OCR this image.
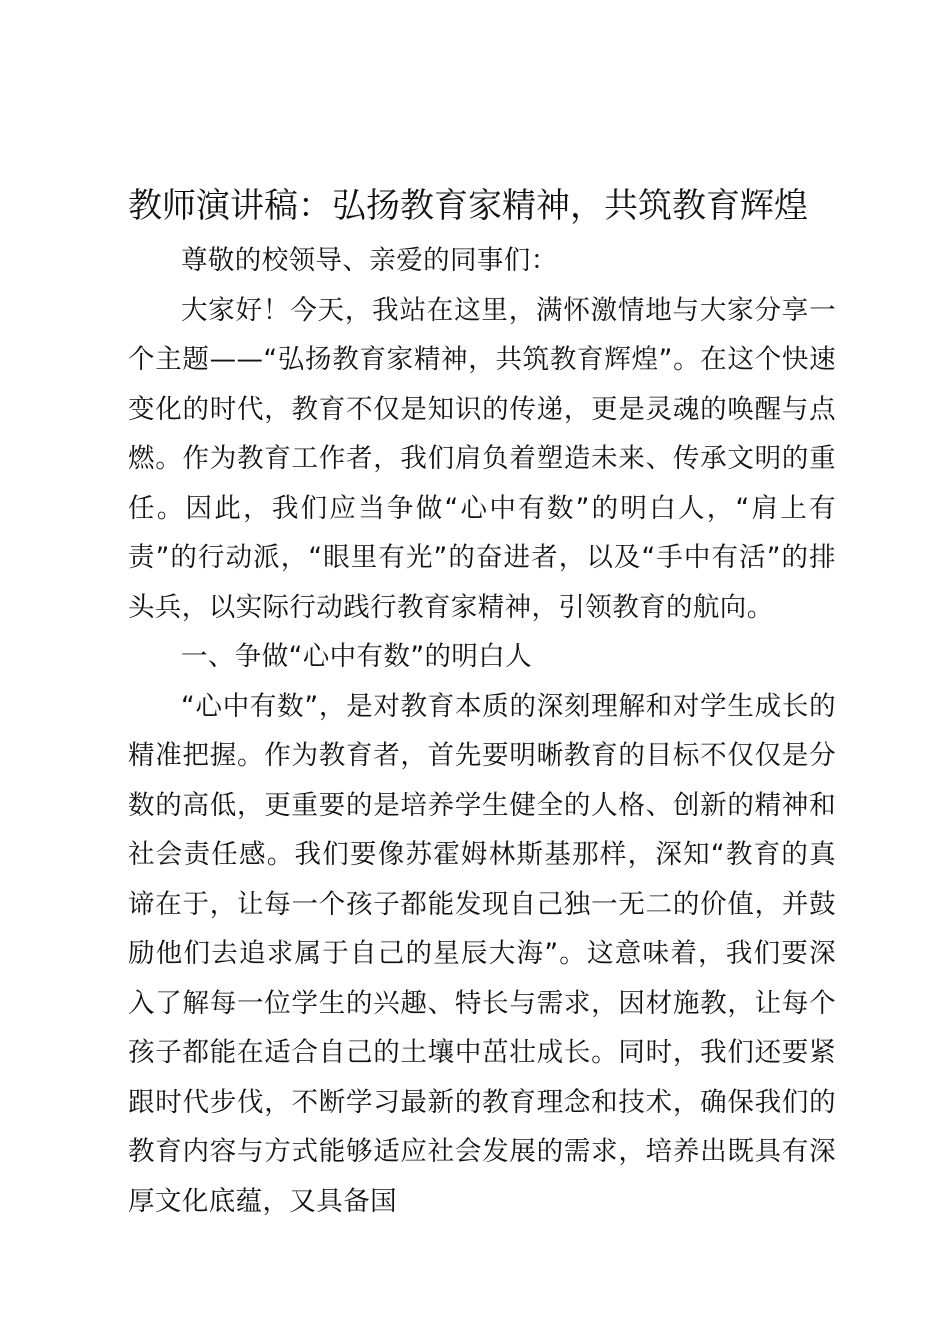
教师演讲稿：弘扬教育家精神，共筑教育辉煌

尊敬的校领导、亲爱的同事们：

大家好！今天，我站在这里，满怀激情地与大家分享一个主题——“弘扬教育家精神，共筑教育辉煌”。在这个快速变化的时代，教育不仅是知识的传递，更是灵魂的唤醒与点燃。作为教育工作者，我们肩负着塑造未来、传承文明的重任。因此，我们应当争做“心中有数”的明白人，“肩上有责”的行动派，“眼里有光”的奋进者，以及“手中有活”的排头兵，以实际行动践行教育家精神，引领教育的航向。

一、争做“心中有数”的明白人

“心中有数”，是对教育本质的深刻理解和对学生成长的精准把握。作为教育者，首先要明晰教育的目标不仅仅是分数的高低，更重要的是培养学生健全的人格、创新的精神和社会责任感。我们要像苏霍姆林斯基那样，深知“教育的真谛在于，让每一个孩子都能发现自己独一无二的价值，并鼓励他们去追求属于自己的星辰大海”。这意味着，我们要深入了解每一位学生的兴趣、特长与需求，因材施教，让每个孩子都能在适合自己的土壤中茁壮成长。同时，我们还要紧跟时代步伐，不断学习最新的教育理念和技术，确保我们的教育内容与方式能够适应社会发展的需求，培养出既具有深厚文化底蕴，又具备国
